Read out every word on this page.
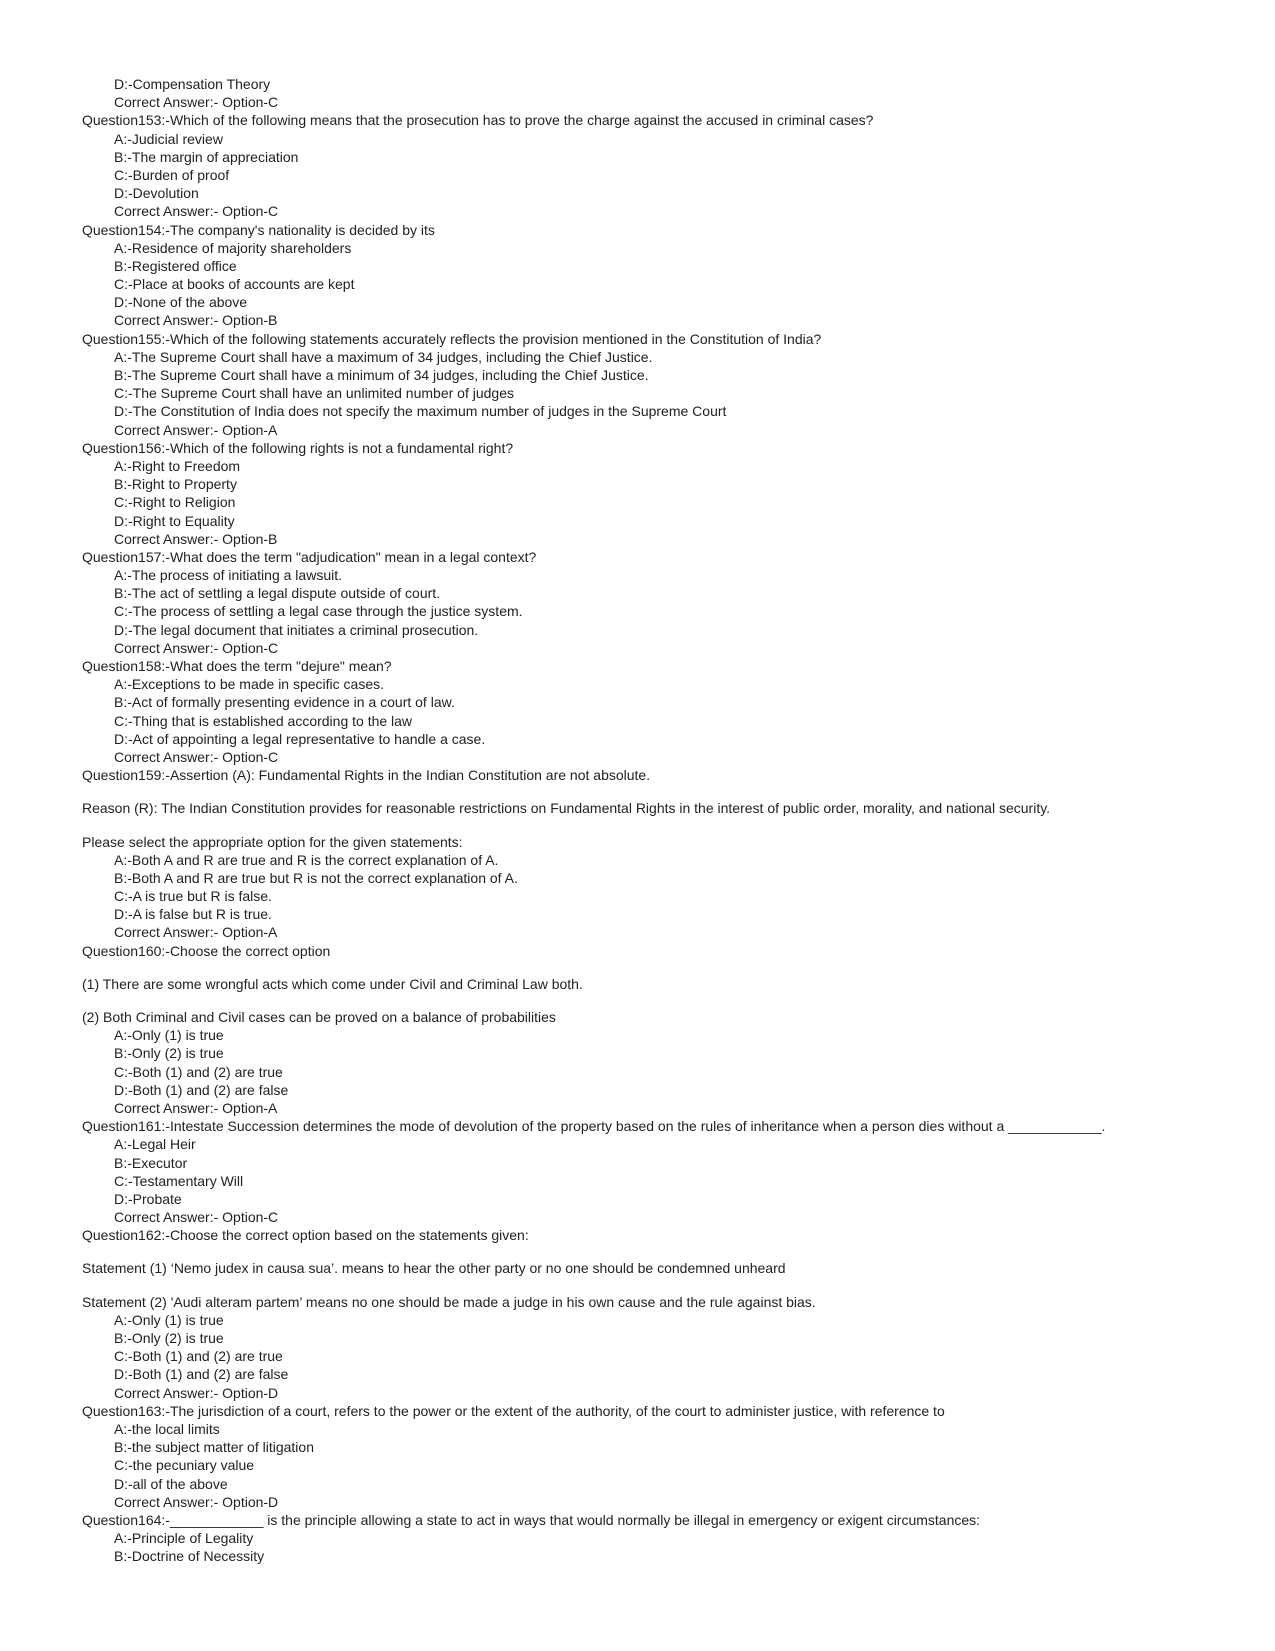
D:-Compensation Theory
Correct Answer:- Option-C
Question153:-Which of the following means that the prosecution has to prove the charge against the accused in criminal cases?
A:-Judicial review
B:-The margin of appreciation
C:-Burden of proof
D:-Devolution
Correct Answer:- Option-C
Question154:-The company's nationality is decided by its
A:-Residence of majority shareholders
B:-Registered office
C:-Place at books of accounts are kept
D:-None of the above
Correct Answer:- Option-B
Question155:-Which of the following statements accurately reflects the provision mentioned in the Constitution of India?
A:-The Supreme Court shall have a maximum of 34 judges, including the Chief Justice.
B:-The Supreme Court shall have a minimum of 34 judges, including the Chief Justice.
C:-The Supreme Court shall have an unlimited number of judges
D:-The Constitution of India does not specify the maximum number of judges in the Supreme Court
Correct Answer:- Option-A
Question156:-Which of the following rights is not a fundamental right?
A:-Right to Freedom
B:-Right to Property
C:-Right to Religion
D:-Right to Equality
Correct Answer:- Option-B
Question157:-What does the term "adjudication" mean in a legal context?
A:-The process of initiating a lawsuit.
B:-The act of settling a legal dispute outside of court.
C:-The process of settling a legal case through the justice system.
D:-The legal document that initiates a criminal prosecution.
Correct Answer:- Option-C
Question158:-What does the term "dejure" mean?
A:-Exceptions to be made in specific cases.
B:-Act of formally presenting evidence in a court of law.
C:-Thing that is established according to the law
D:-Act of appointing a legal representative to handle a case.
Correct Answer:- Option-C
Question159:-Assertion (A): Fundamental Rights in the Indian Constitution are not absolute.
Reason (R): The Indian Constitution provides for reasonable restrictions on Fundamental Rights in the interest of public order, morality, and national security.
Please select the appropriate option for the given statements:
A:-Both A and R are true and R is the correct explanation of A.
B:-Both A and R are true but R is not the correct explanation of A.
C:-A is true but R is false.
D:-A is false but R is true.
Correct Answer:- Option-A
Question160:-Choose the correct option
(1) There are some wrongful acts which come under Civil and Criminal Law both.
(2) Both Criminal and Civil cases can be proved on a balance of probabilities
A:-Only (1) is true
B:-Only (2) is true
C:-Both (1) and (2) are true
D:-Both (1) and (2) are false
Correct Answer:- Option-A
Question161:-Intestate Succession determines the mode of devolution of the property based on the rules of inheritance when a person dies without a ____________.
A:-Legal Heir
B:-Executor
C:-Testamentary Will
D:-Probate
Correct Answer:- Option-C
Question162:-Choose the correct option based on the statements given:
Statement (1) ‘Nemo judex in causa sua’. means to hear the other party or no one should be condemned unheard
Statement (2) 'Audi alteram partem’ means no one should be made a judge in his own cause and the rule against bias.
A:-Only (1) is true
B:-Only (2) is true
C:-Both (1) and (2) are true
D:-Both (1) and (2) are false
Correct Answer:- Option-D
Question163:-The jurisdiction of a court, refers to the power or the extent of the authority, of the court to administer justice, with reference to
A:-the local limits
B:-the subject matter of litigation
C:-the pecuniary value
D:-all of the above
Correct Answer:- Option-D
Question164:-____________ is the principle allowing a state to act in ways that would normally be illegal in emergency or exigent circumstances:
A:-Principle of Legality
B:-Doctrine of Necessity
